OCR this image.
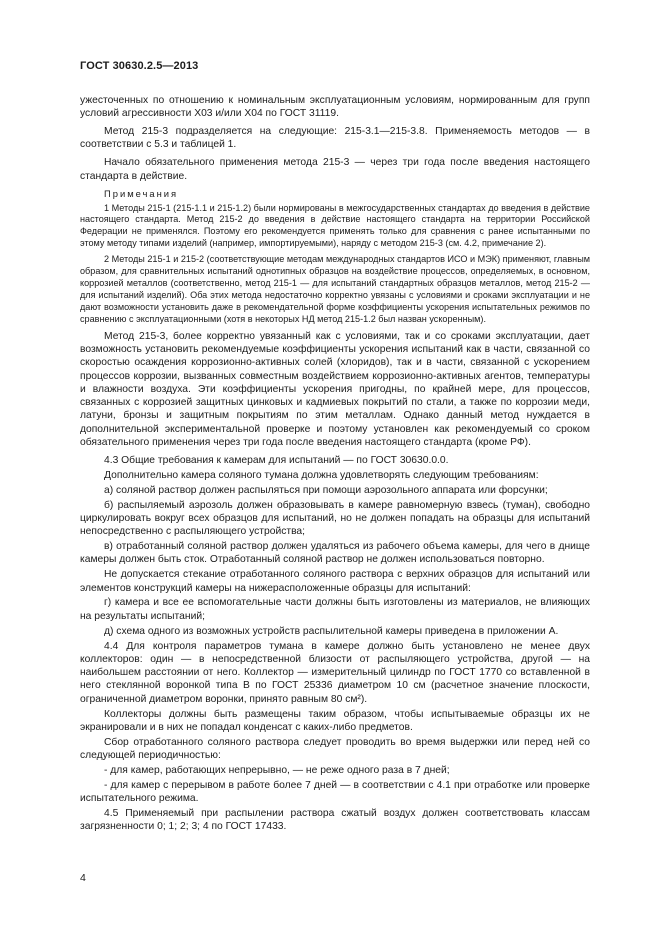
ГОСТ 30630.2.5—2013

ужесточенных по отношению к номинальным эксплуатационным условиям, нормированным для групп условий агрессивности Х03 и/или Х04 по ГОСТ 31119.

Метод 215-3 подразделяется на следующие: 215-3.1—215-3.8. Применяемость методов — в соответствии с 5.3 и таблицей 1.

Начало обязательного применения метода 215-3 — через три года после введения настоящего стандарта в действие.

Примечания

1 Методы 215-1 (215-1.1 и 215-1.2) были нормированы в межгосударственных стандартах до введения в действие настоящего стандарта. Метод 215-2 до введения в действие настоящего стандарта на территории Российской Федерации не применялся. Поэтому его рекомендуется применять только для сравнения с ранее испытанными по этому методу типами изделий (например, импортируемыми), наряду с методом 215-3 (см. 4.2, примечание 2).

2 Методы 215-1 и 215-2 (соответствующие методам международных стандартов ИСО и МЭК) применяют, главным образом, для сравнительных испытаний однотипных образцов на воздействие процессов, определяемых, в основном, коррозией металлов (соответственно, метод 215-1 — для испытаний стандартных образцов металлов, метод 215-2 — для испытаний изделий). Оба этих метода недостаточно корректно увязаны с условиями и сроками эксплуатации и не дают возможности установить даже в рекомендательной форме коэффициенты ускорения испытательных режимов по сравнению с эксплуатационными (хотя в некоторых НД метод 215-1.2 был назван ускоренным).

Метод 215-3, более корректно увязанный как с условиями, так и со сроками эксплуатации, дает возможность установить рекомендуемые коэффициенты ускорения испытаний как в части, связанной со скоростью осаждения коррозионно-активных солей (хлоридов), так и в части, связанной с ускорением процессов коррозии, вызванных совместным воздействием коррозионно-активных агентов, температуры и влажности воздуха. Эти коэффициенты ускорения пригодны, по крайней мере, для процессов, связанных с коррозией защитных цинковых и кадмиевых покрытий по стали, а также по коррозии меди, латуни, бронзы и защитным покрытиям по этим металлам. Однако данный метод нуждается в дополнительной экспериментальной проверке и поэтому установлен как рекомендуемый со сроком обязательного применения через три года после введения настоящего стандарта (кроме РФ).

4.3 Общие требования к камерам для испытаний — по ГОСТ 30630.0.0.

Дополнительно камера соляного тумана должна удовлетворять следующим требованиям:

а) соляной раствор должен распыляться при помощи аэрозольного аппарата или форсунки;

б) распыляемый аэрозоль должен образовывать в камере равномерную взвесь (туман), свободно циркулировать вокруг всех образцов для испытаний, но не должен попадать на образцы для испытаний непосредственно с распыляющего устройства;

в) отработанный соляной раствор должен удаляться из рабочего объема камеры, для чего в днище камеры должен быть сток. Отработанный соляной раствор не должен использоваться повторно.

Не допускается стекание отработанного соляного раствора с верхних образцов для испытаний или элементов конструкций камеры на нижерасположенные образцы для испытаний:

г) камера и все ее вспомогательные части должны быть изготовлены из материалов, не влияющих на результаты испытаний;

д) схема одного из возможных устройств распылительной камеры приведена в приложении А.

4.4 Для контроля параметров тумана в камере должно быть установлено не менее двух коллекторов: один — в непосредственной близости от распыляющего устройства, другой — на наибольшем расстоянии от него. Коллектор — измерительный цилиндр по ГОСТ 1770 со вставленной в него стеклянной воронкой типа В по ГОСТ 25336 диаметром 10 см (расчетное значение плоскости, ограниченной диаметром воронки, принято равным 80 см²).

Коллекторы должны быть размещены таким образом, чтобы испытываемые образцы их не экранировали и в них не попадал конденсат с каких-либо предметов.

Сбор отработанного соляного раствора следует проводить во время выдержки или перед ней со следующей периодичностью:

- для камер, работающих непрерывно, — не реже одного раза в 7 дней;

- для камер с перерывом в работе более 7 дней — в соответствии с 4.1 при отработке или проверке испытательного режима.

4.5 Применяемый при распылении раствора сжатый воздух должен соответствовать классам загрязненности 0; 1; 2; 3; 4 по ГОСТ 17433.

4
